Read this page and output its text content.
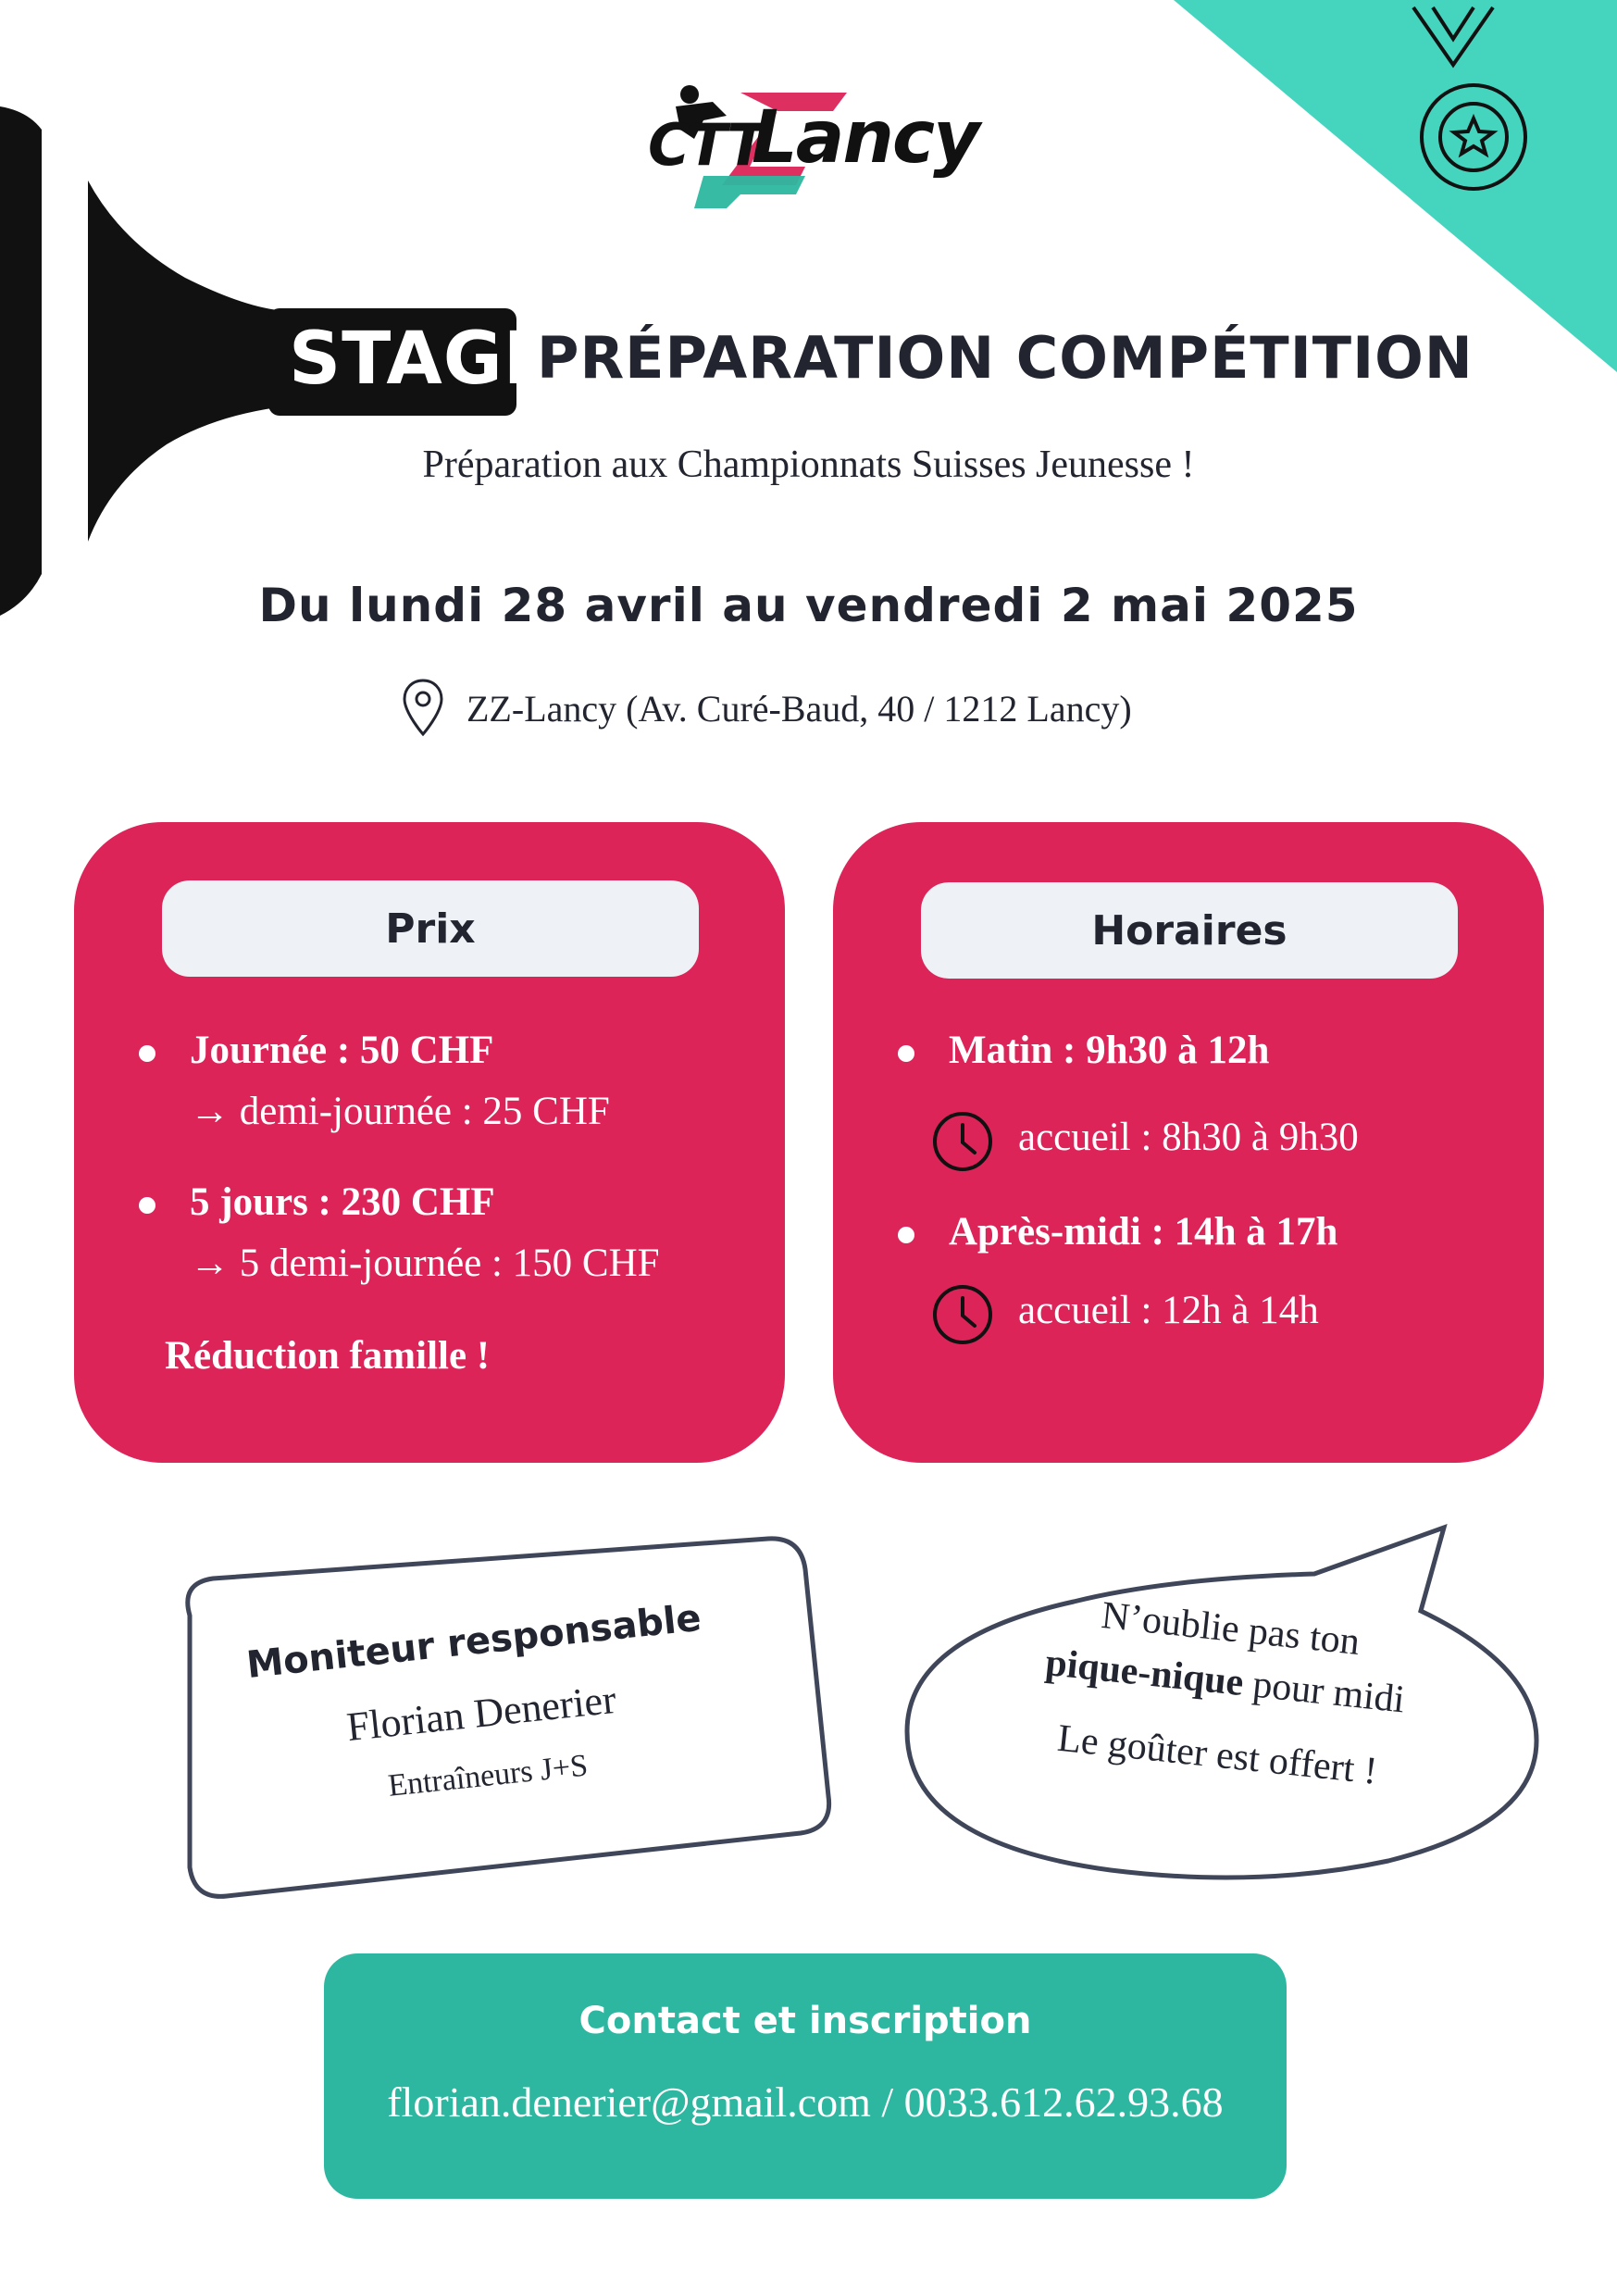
CTT
Lancy
STAGE
PRÉPARATION COMPÉTITION
Préparation aux Championnats Suisses Jeunesse !
Du lundi 28 avril au vendredi 2 mai 2025
ZZ-Lancy (Av. Curé-Baud, 40 / 1212 Lancy)
Prix
Journée : 50 CHF
→ demi-journée : 25 CHF
5 jours : 230 CHF
→ 5 demi-journée : 150 CHF
Réduction famille !
Horaires
Matin : 9h30 à 12h
accueil : 8h30 à 9h30
Après-midi : 14h à 17h
accueil : 12h à 14h
Moniteur responsable
Florian Denerier
Entraîneurs J+S
N’oublie pas ton
pique-nique pour midi
Le goûter est offert !
Contact et inscription
florian.denerier@gmail.com / 0033.612.62.93.68
